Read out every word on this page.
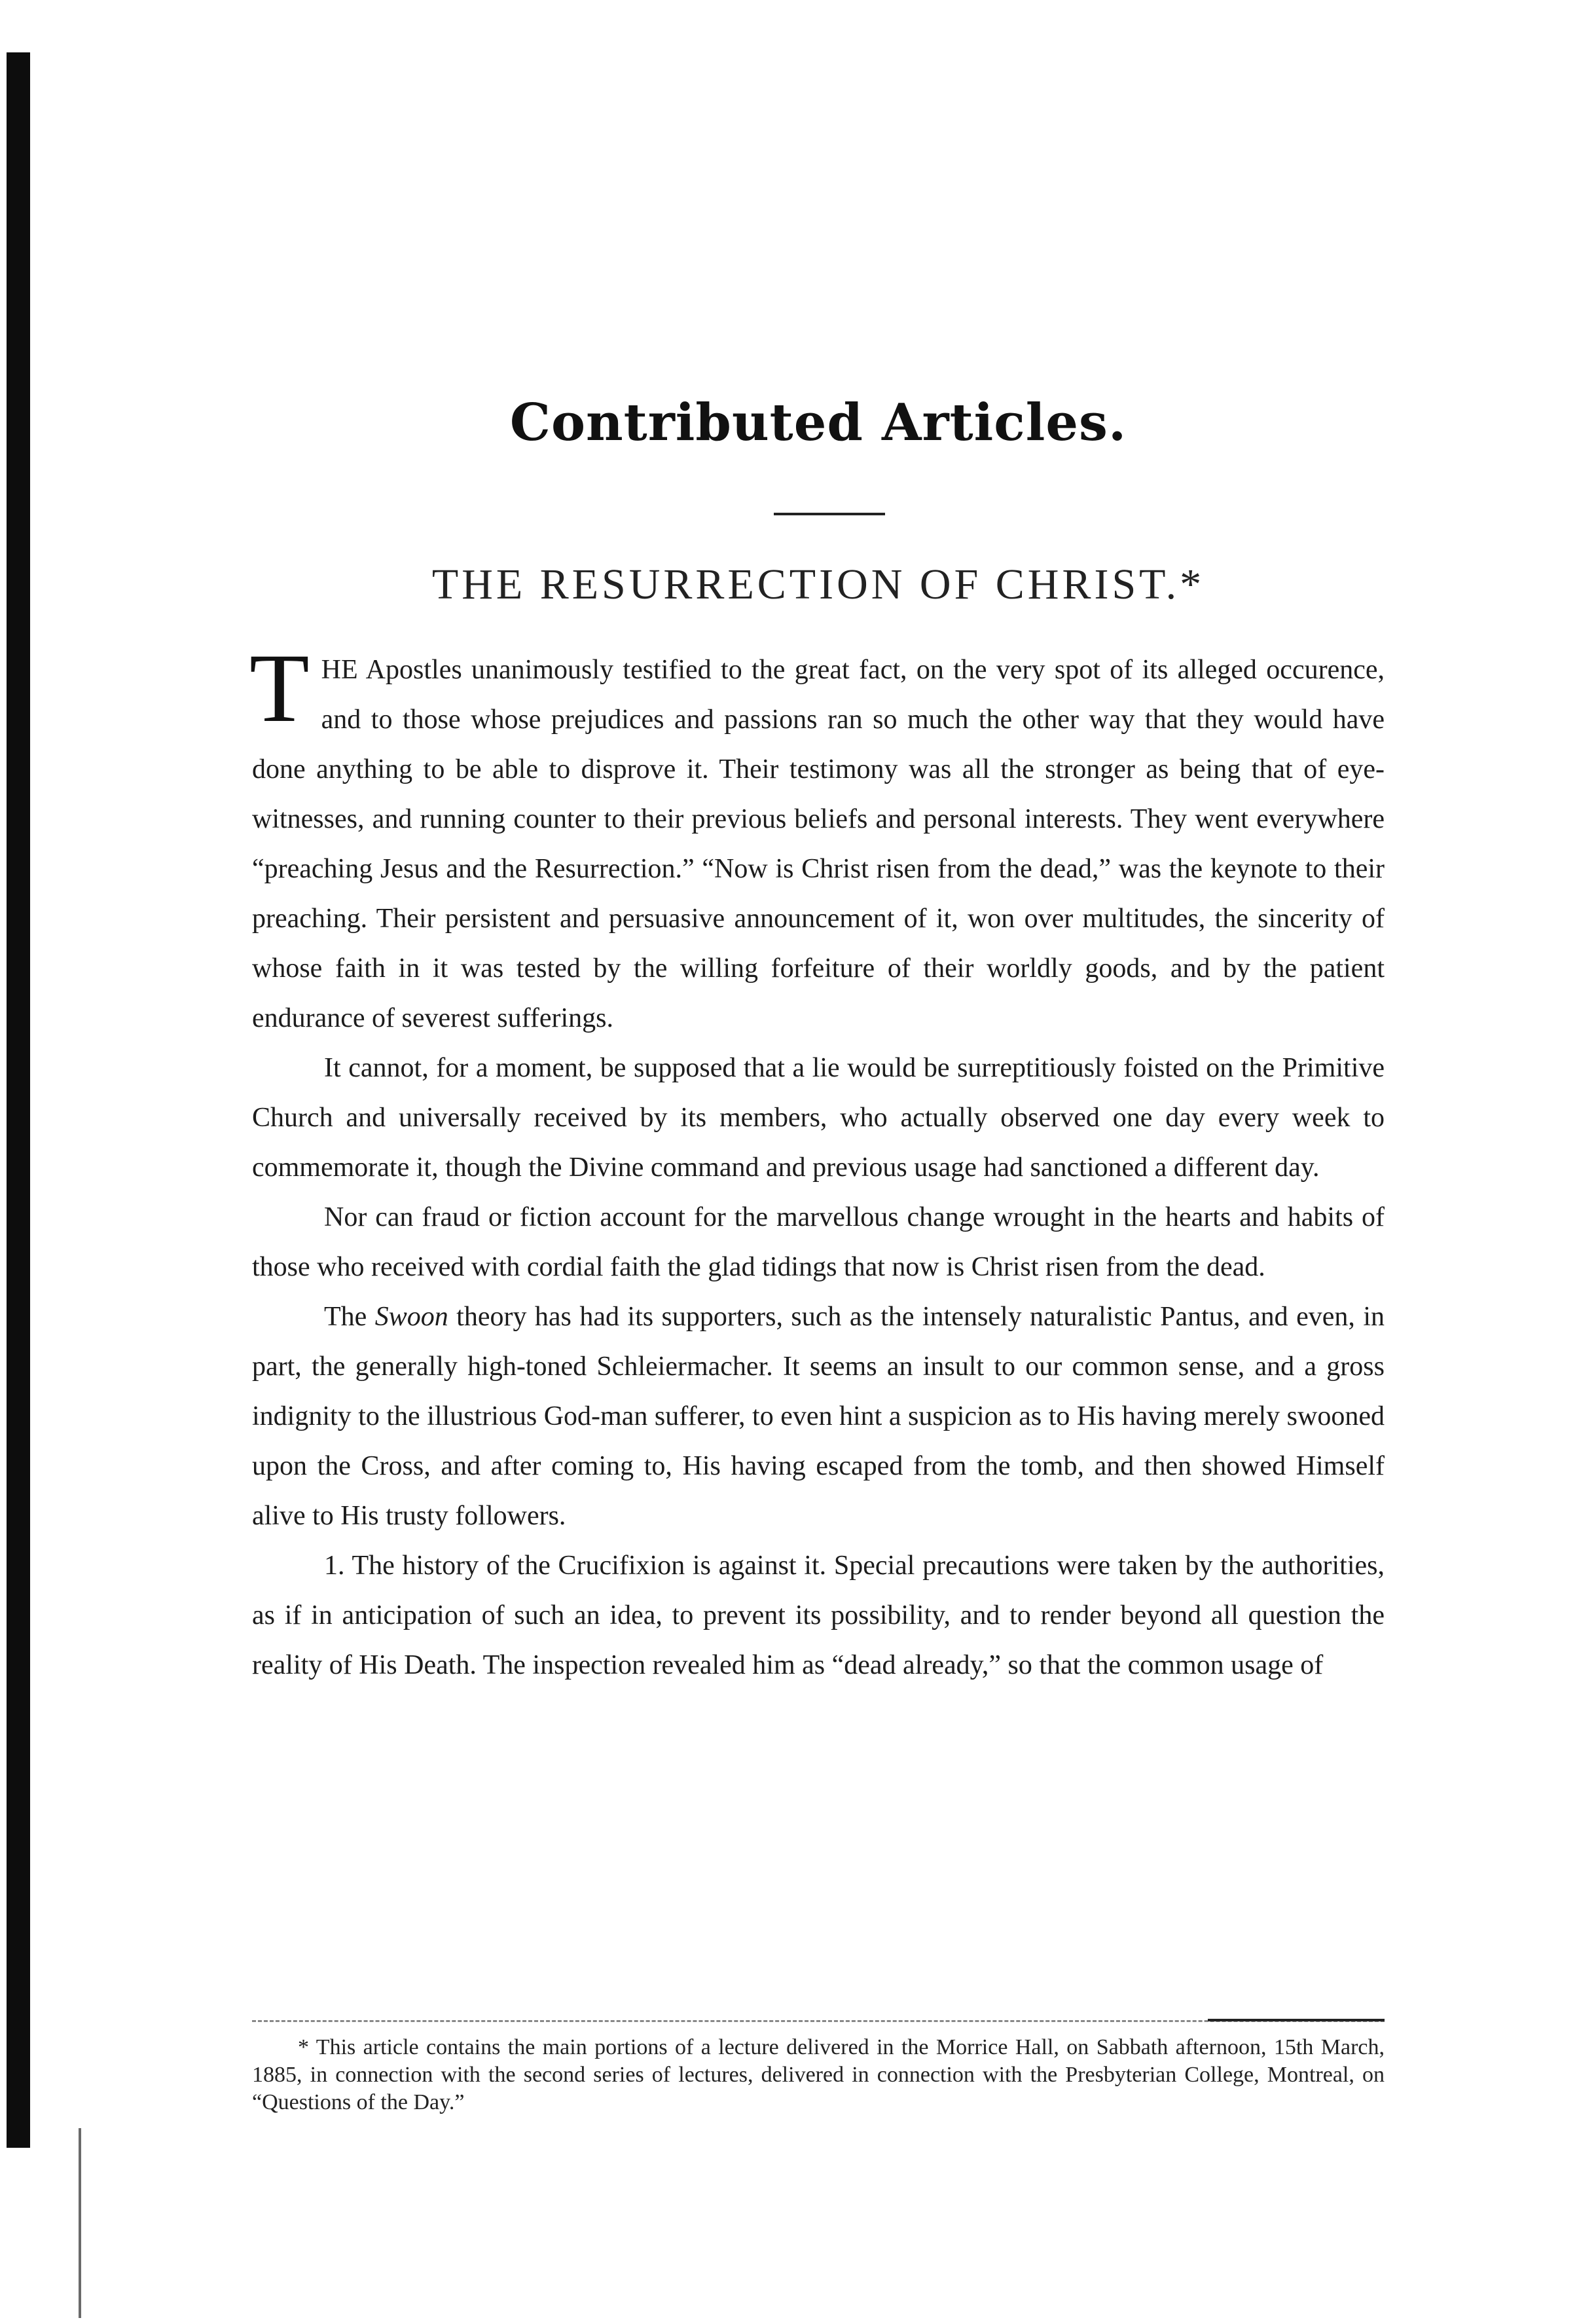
Contributed Articles.
THE RESURRECTION OF CHRIST.*

THE Apostles unanimously testified to the great fact, on the very spot of its alleged occurence, and to those whose prejudices and passions ran so much the other way that they would have done anything to be able to disprove it. Their testimony was all the stronger as being that of eye-witnesses, and running counter to their previous beliefs and personal interests. They went everywhere “preaching Jesus and the Resurrection.” “Now is Christ risen from the dead,” was the keynote to their preaching. Their persistent and persuasive announcement of it, won over multitudes, the sincerity of whose faith in it was tested by the willing forfeiture of their worldly goods, and by the patient endurance of severest sufferings.

It cannot, for a moment, be supposed that a lie would be surreptitiously foisted on the Primitive Church and universally received by its members, who actually observed one day every week to commemorate it, though the Divine command and previous usage had sanctioned a different day.

Nor can fraud or fiction account for the marvellous change wrought in the hearts and habits of those who received with cordial faith the glad tidings that now is Christ risen from the dead.

The Swoon theory has had its supporters, such as the intensely naturalistic Pantus, and even, in part, the generally high-toned Schleiermacher. It seems an insult to our common sense, and a gross indignity to the illustrious God-man sufferer, to even hint a suspicion as to His having merely swooned upon the Cross, and after coming to, His having escaped from the tomb, and then showed Himself alive to His trusty followers.

1. The history of the Crucifixion is against it. Special precautions were taken by the authorities, as if in anticipation of such an idea, to prevent its possibility, and to render beyond all question the reality of His Death. The inspection revealed him as “dead already,” so that the common usage of

* This article contains the main portions of a lecture delivered in the Morrice Hall, on Sabbath afternoon, 15th March, 1885, in connection with the second series of lectures, delivered in connection with the Presbyterian College, Montreal, on “Questions of the Day.”
